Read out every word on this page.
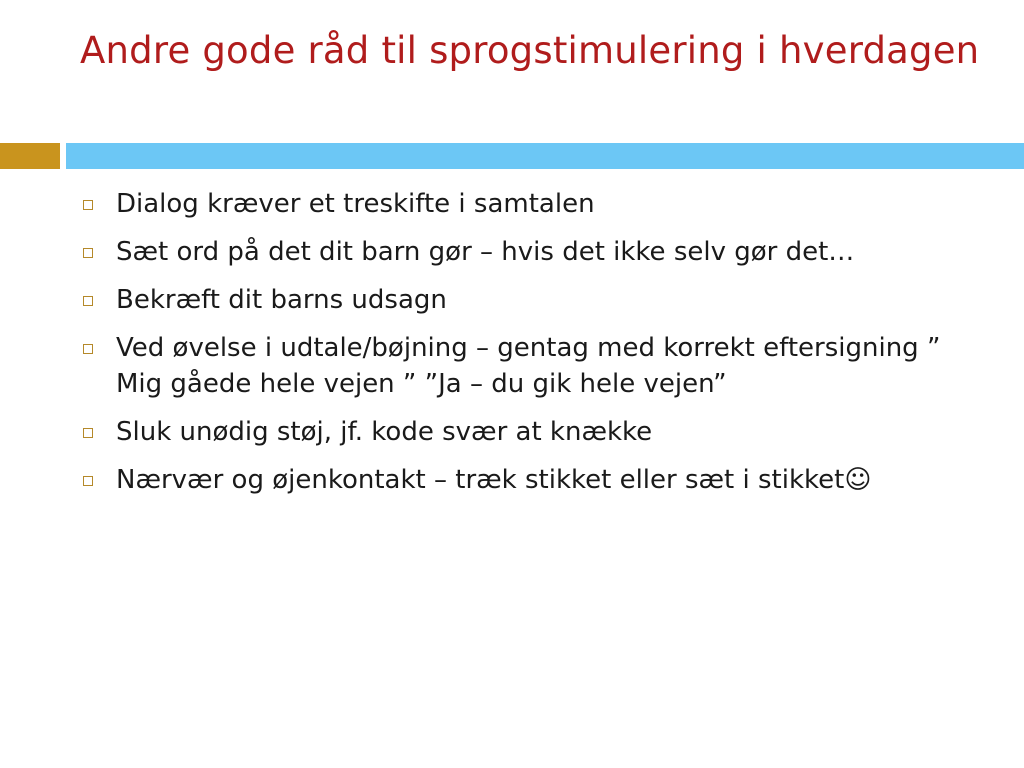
Andre gode råd til sprogstimulering i hverdagen
Dialog kræver et treskifte i samtalen
Sæt ord på det dit barn gør – hvis det ikke selv gør det…
Bekræft dit barns udsagn
Ved øvelse i udtale/bøjning – gentag med korrekt eftersigning ” Mig gåede hele vejen ” ”Ja – du gik hele vejen”
Sluk unødig støj, jf. kode svær at knække
Nærvær og øjenkontakt – træk stikket eller sæt i stikket☺
